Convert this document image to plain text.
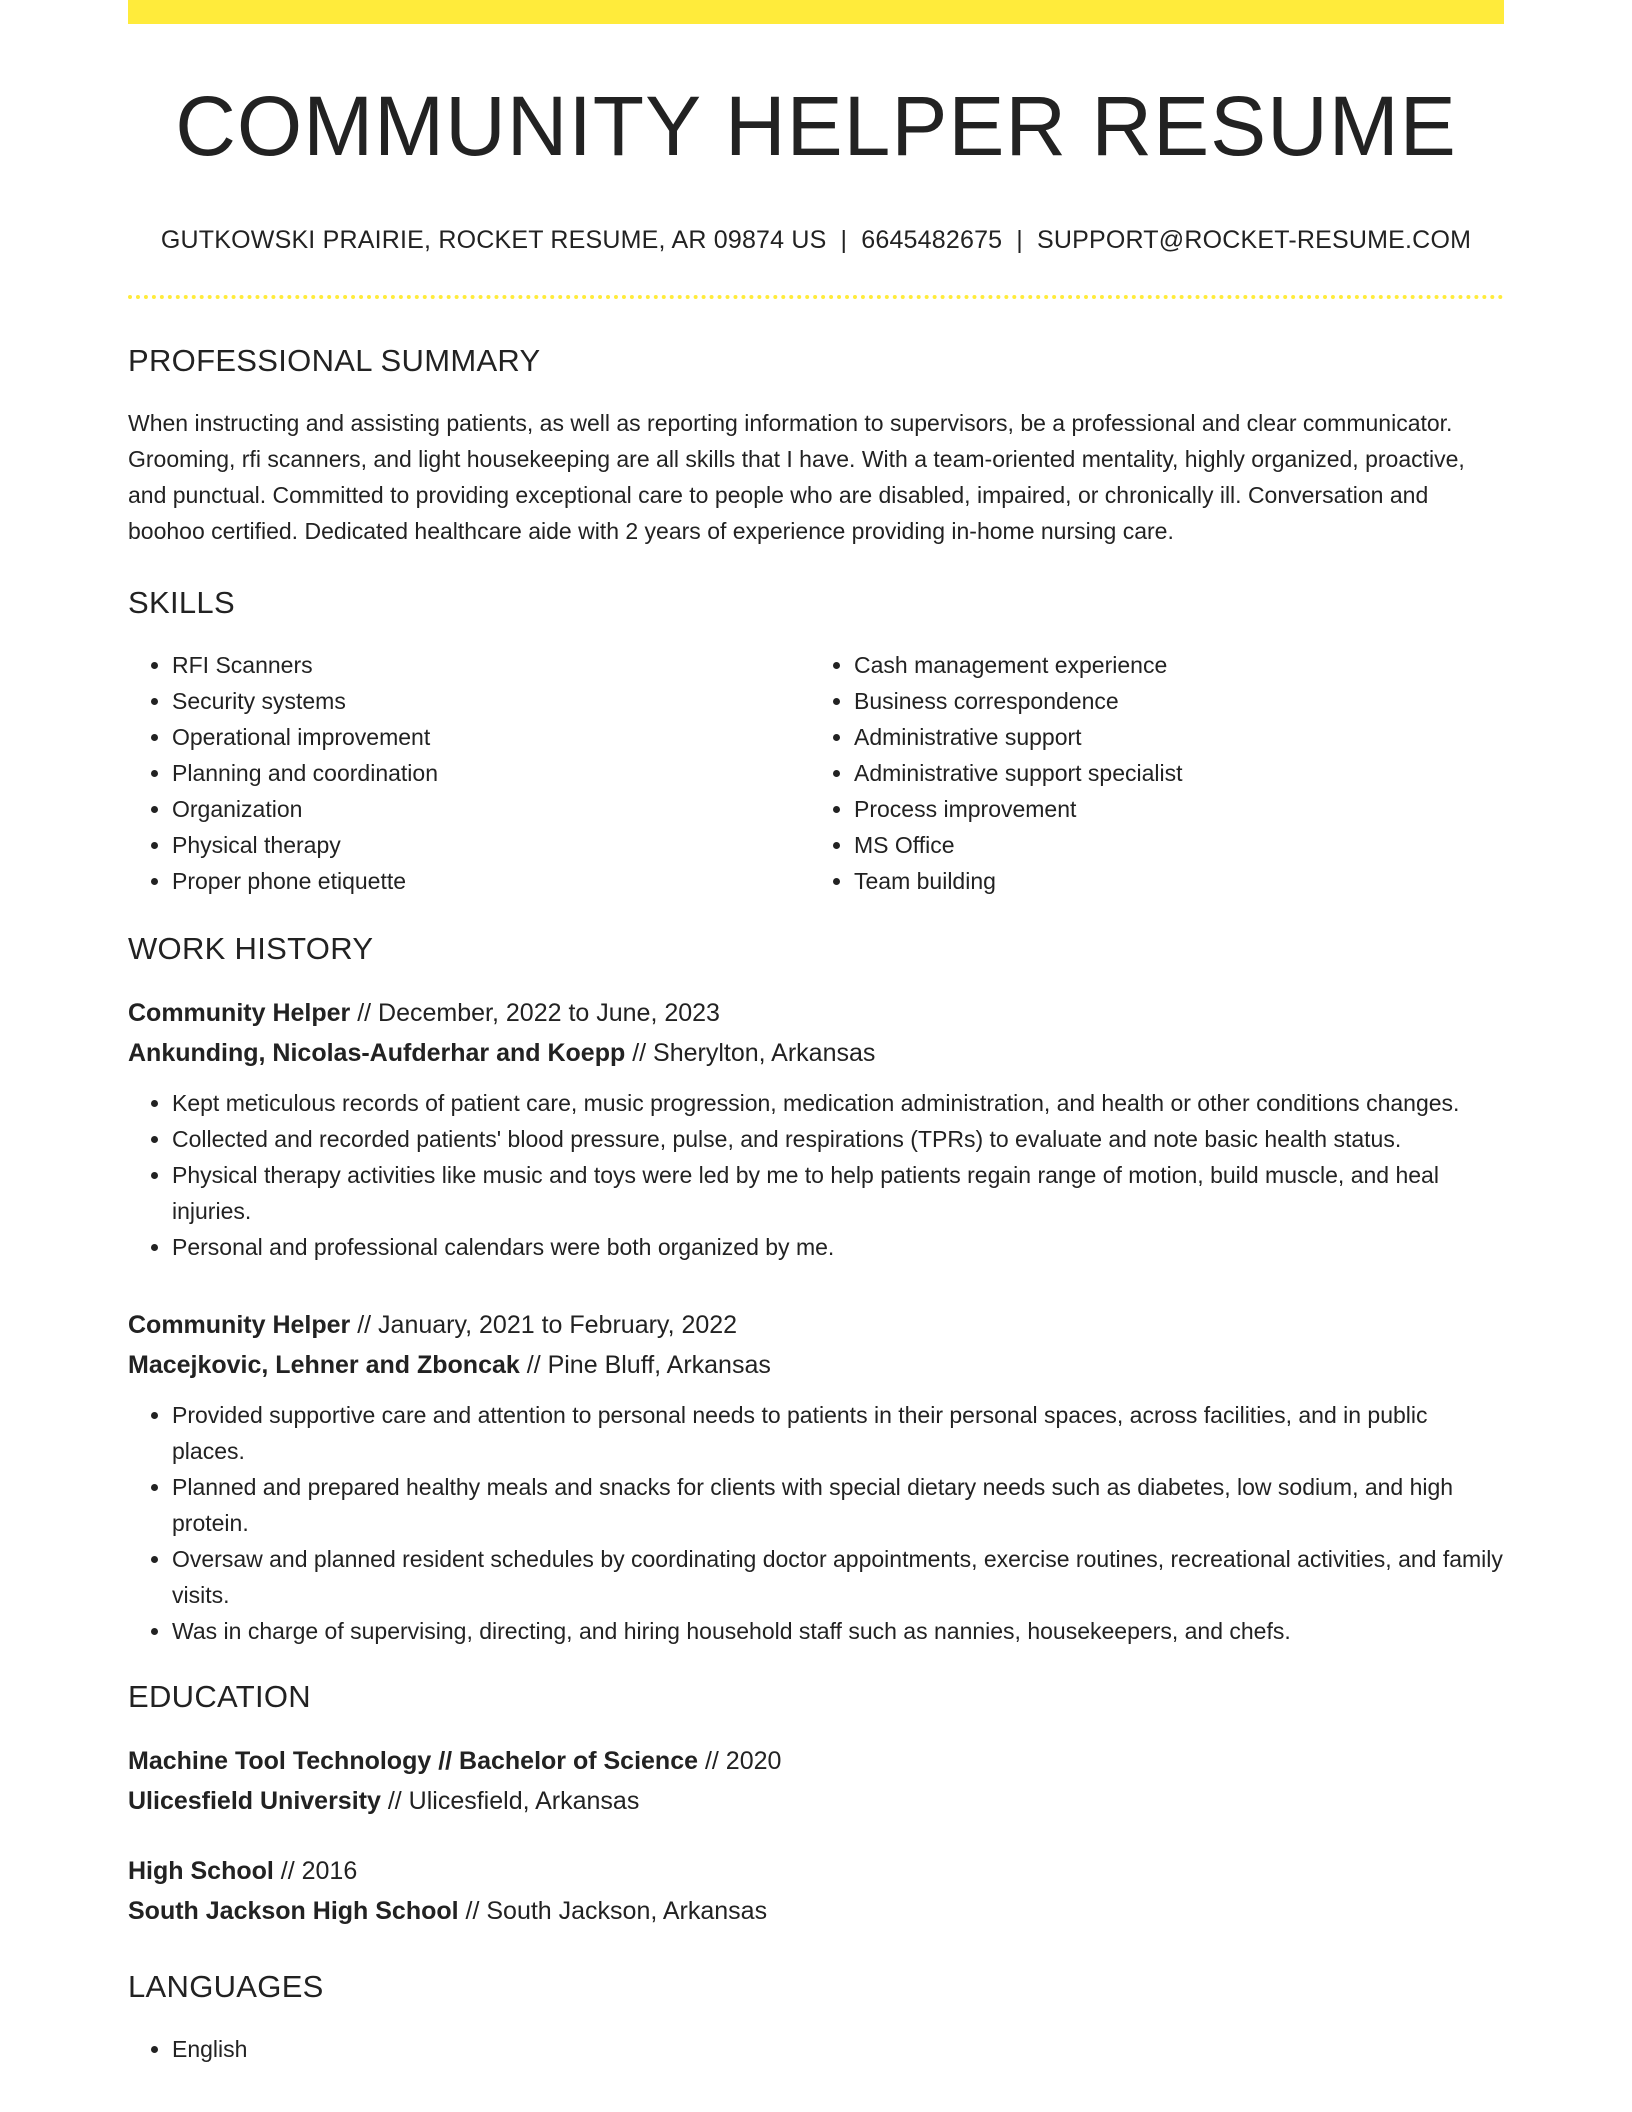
COMMUNITY HELPER RESUME
GUTKOWSKI PRAIRIE, ROCKET RESUME, AR 09874 US | 6645482675 | SUPPORT@ROCKET-RESUME.COM
PROFESSIONAL SUMMARY
When instructing and assisting patients, as well as reporting information to supervisors, be a professional and clear communicator. Grooming, rfi scanners, and light housekeeping are all skills that I have. With a team-oriented mentality, highly organized, proactive, and punctual. Committed to providing exceptional care to people who are disabled, impaired, or chronically ill. Conversation and boohoo certified. Dedicated healthcare aide with 2 years of experience providing in-home nursing care.
SKILLS
• RFI Scanners
• Security systems
• Operational improvement
• Planning and coordination
• Organization
• Physical therapy
• Proper phone etiquette
• Cash management experience
• Business correspondence
• Administrative support
• Administrative support specialist
• Process improvement
• MS Office
• Team building
WORK HISTORY
Community Helper // December, 2022 to June, 2023
Ankunding, Nicolas-Aufderhar and Koepp // Sherylton, Arkansas
• Kept meticulous records of patient care, music progression, medication administration, and health or other conditions changes.
• Collected and recorded patients' blood pressure, pulse, and respirations (TPRs) to evaluate and note basic health status.
• Physical therapy activities like music and toys were led by me to help patients regain range of motion, build muscle, and heal injuries.
• Personal and professional calendars were both organized by me.
Community Helper // January, 2021 to February, 2022
Macejkovic, Lehner and Zboncak // Pine Bluff, Arkansas
• Provided supportive care and attention to personal needs to patients in their personal spaces, across facilities, and in public places.
• Planned and prepared healthy meals and snacks for clients with special dietary needs such as diabetes, low sodium, and high protein.
• Oversaw and planned resident schedules by coordinating doctor appointments, exercise routines, recreational activities, and family visits.
• Was in charge of supervising, directing, and hiring household staff such as nannies, housekeepers, and chefs.
EDUCATION
Machine Tool Technology // Bachelor of Science // 2020
Ulicesfield University // Ulicesfield, Arkansas
High School // 2016
South Jackson High School // South Jackson, Arkansas
LANGUAGES
• English
